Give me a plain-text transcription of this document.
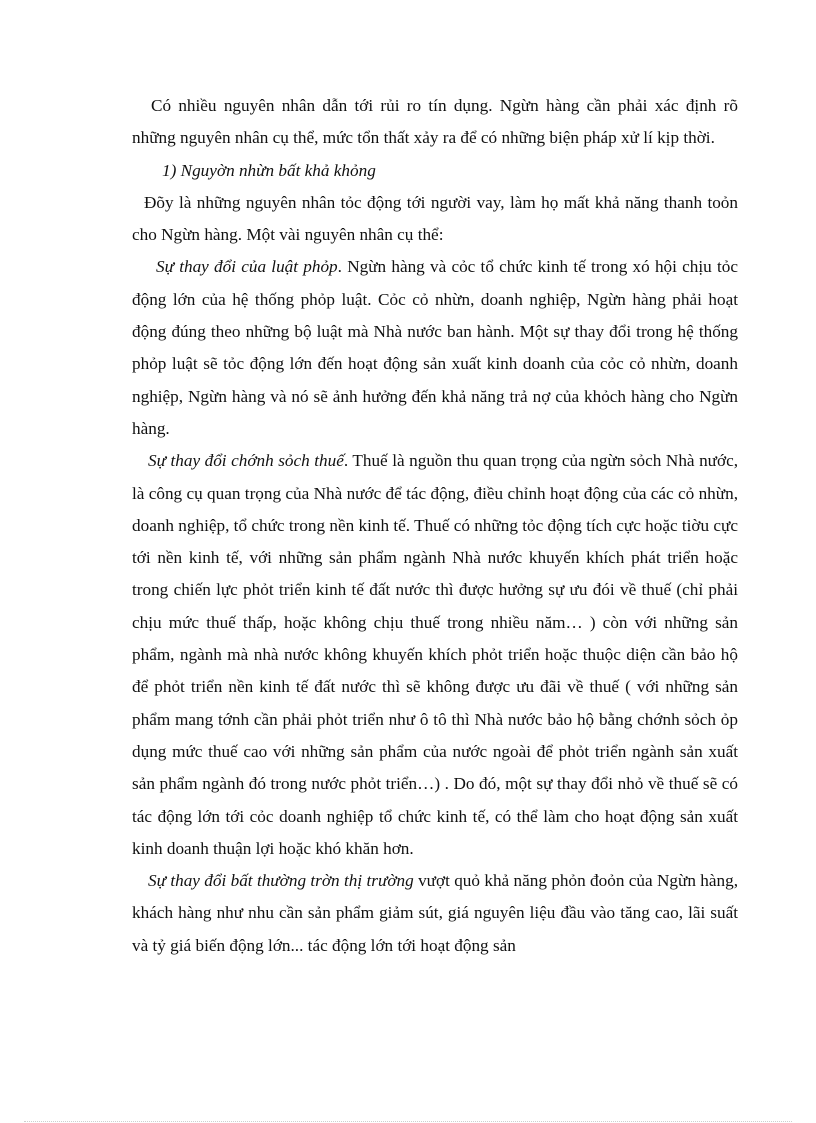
Có nhiều nguyên nhân dẫn tới rủi ro tín dụng. Ngừn hàng cần phải xác định rõ những nguyên nhân cụ thể, mức tổn thất xảy ra để có những biện pháp xử lí kịp thời.

1) Nguyờn nhừn bất khả khỏng

Đõy là những nguyên nhân tỏc động tới người vay, làm họ mất khả năng thanh toỏn cho Ngừn hàng. Một vài nguyên nhân cụ thể:

Sự thay đổi của luật phỏp. Ngừn hàng và cỏc tổ chức kinh tế trong xó hội chịu tỏc động lớn của hệ thống phỏp luật. Cỏc cỏ nhừn, doanh nghiệp, Ngừn hàng phải hoạt động đúng theo những bộ luật mà Nhà nước ban hành. Một sự thay đổi trong hệ thống phỏp luật sẽ tỏc động lớn đến hoạt động sản xuất kinh doanh của cỏc cỏ nhừn, doanh nghiệp, Ngừn hàng và nó sẽ ảnh hưởng đến khả năng trả nợ của khỏch hàng cho Ngừn hàng.

Sự thay đổi chớnh sỏch thuế. Thuế là nguồn thu quan trọng của ngừn sỏch Nhà nước, là công cụ quan trọng của Nhà nước để tác động, điều chỉnh hoạt động của các cỏ nhừn, doanh nghiệp, tổ chức trong nền kinh tế. Thuế có những tỏc động tích cực hoặc tiờu cực tới nền kinh tế, với những sản phẩm ngành Nhà nước khuyến khích phát triển hoặc trong chiến lực phỏt triển kinh tế đất nước thì được hưởng sự ưu đói về thuế (chỉ phải chịu mức thuế thấp, hoặc không chịu thuế trong nhiều năm… ) còn với những sản phẩm, ngành mà nhà nước không khuyến khích phỏt triển hoặc thuộc diện cần bảo hộ để phỏt triển nền kinh tế đất nước thì sẽ không được ưu đãi về thuế ( với những sản phẩm mang tớnh cần phải phỏt triển như ô tô thì Nhà nước bảo hộ bằng chớnh sỏch ỏp dụng mức thuế cao với những sản phẩm của nước ngoài để phỏt triển ngành sản xuất sản phẩm ngành đó trong nước phỏt triển…) . Do đó, một sự thay đổi nhỏ về thuế sẽ có tác động lớn tới cỏc doanh nghiệp tổ chức kinh tế, có thể làm cho hoạt động sản xuất kinh doanh thuận lợi hoặc khó khăn hơn.

Sự thay đổi bất thường trờn thị trường vượt quỏ khả năng phỏn đoỏn của Ngừn hàng, khách hàng như nhu cần sản phẩm giảm sút, giá nguyên liệu đầu vào tăng cao, lãi suất và tỷ giá biến động lớn... tác động lớn tới hoạt động sản
